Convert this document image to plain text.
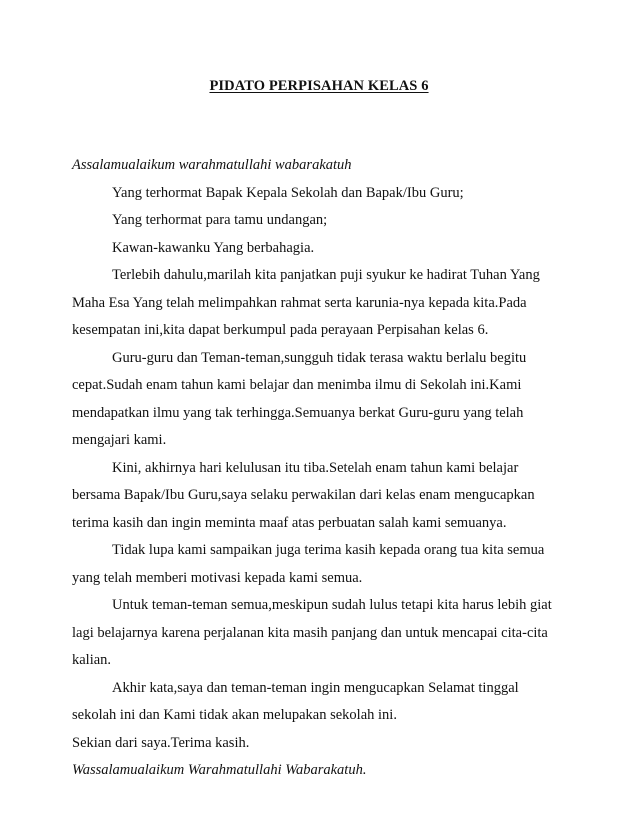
PIDATO PERPISAHAN KELAS 6
Assalamualaikum warahmatullahi wabarakatuh
Yang terhormat Bapak Kepala Sekolah dan Bapak/Ibu Guru;
Yang terhormat para tamu undangan;
Kawan-kawanku Yang berbahagia.
Terlebih dahulu,marilah kita panjatkan puji syukur ke hadirat Tuhan Yang
Maha Esa Yang telah melimpahkan rahmat serta karunia-nya kepada kita.Pada
kesempatan ini,kita dapat berkumpul pada perayaan Perpisahan kelas 6.
Guru-guru dan Teman-teman,sungguh tidak terasa waktu berlalu begitu
cepat.Sudah enam tahun kami belajar dan menimba ilmu di Sekolah ini.Kami
mendapatkan ilmu yang tak terhingga.Semuanya berkat Guru-guru yang telah
mengajari kami.
Kini, akhirnya hari kelulusan itu tiba.Setelah enam tahun kami belajar
bersama Bapak/Ibu Guru,saya selaku perwakilan dari kelas enam mengucapkan
terima kasih dan ingin meminta maaf atas perbuatan salah kami semuanya.
Tidak lupa kami sampaikan juga terima kasih kepada orang tua kita semua
yang telah memberi motivasi kepada kami semua.
Untuk teman-teman semua,meskipun sudah lulus tetapi kita harus lebih giat
lagi belajarnya karena perjalanan kita masih panjang dan untuk mencapai cita-cita
kalian.
Akhir kata,saya dan teman-teman ingin mengucapkan Selamat tinggal
sekolah ini dan Kami tidak akan melupakan sekolah ini.
Sekian dari saya.Terima kasih.
Wassalamualaikum Warahmatullahi Wabarakatuh.
